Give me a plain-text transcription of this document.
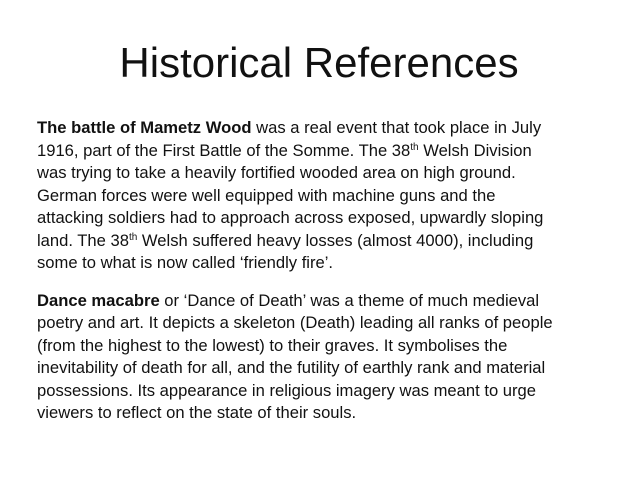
Historical References

The battle of Mametz Wood was a real event that took place in July
1916, part of the First Battle of the Somme. The 38th Welsh Division
was trying to take a heavily fortified wooded area on high ground.
German forces were well equipped with machine guns and the
attacking soldiers had to approach across exposed, upwardly sloping
land. The 38th Welsh suffered heavy losses (almost 4000), including
some to what is now called ‘friendly fire’.

Dance macabre or ‘Dance of Death’ was a theme of much medieval
poetry and art. It depicts a skeleton (Death) leading all ranks of people
(from the highest to the lowest) to their graves. It symbolises the
inevitability of death for all, and the futility of earthly rank and material
possessions. Its appearance in religious imagery was meant to urge
viewers to reflect on the state of their souls.
